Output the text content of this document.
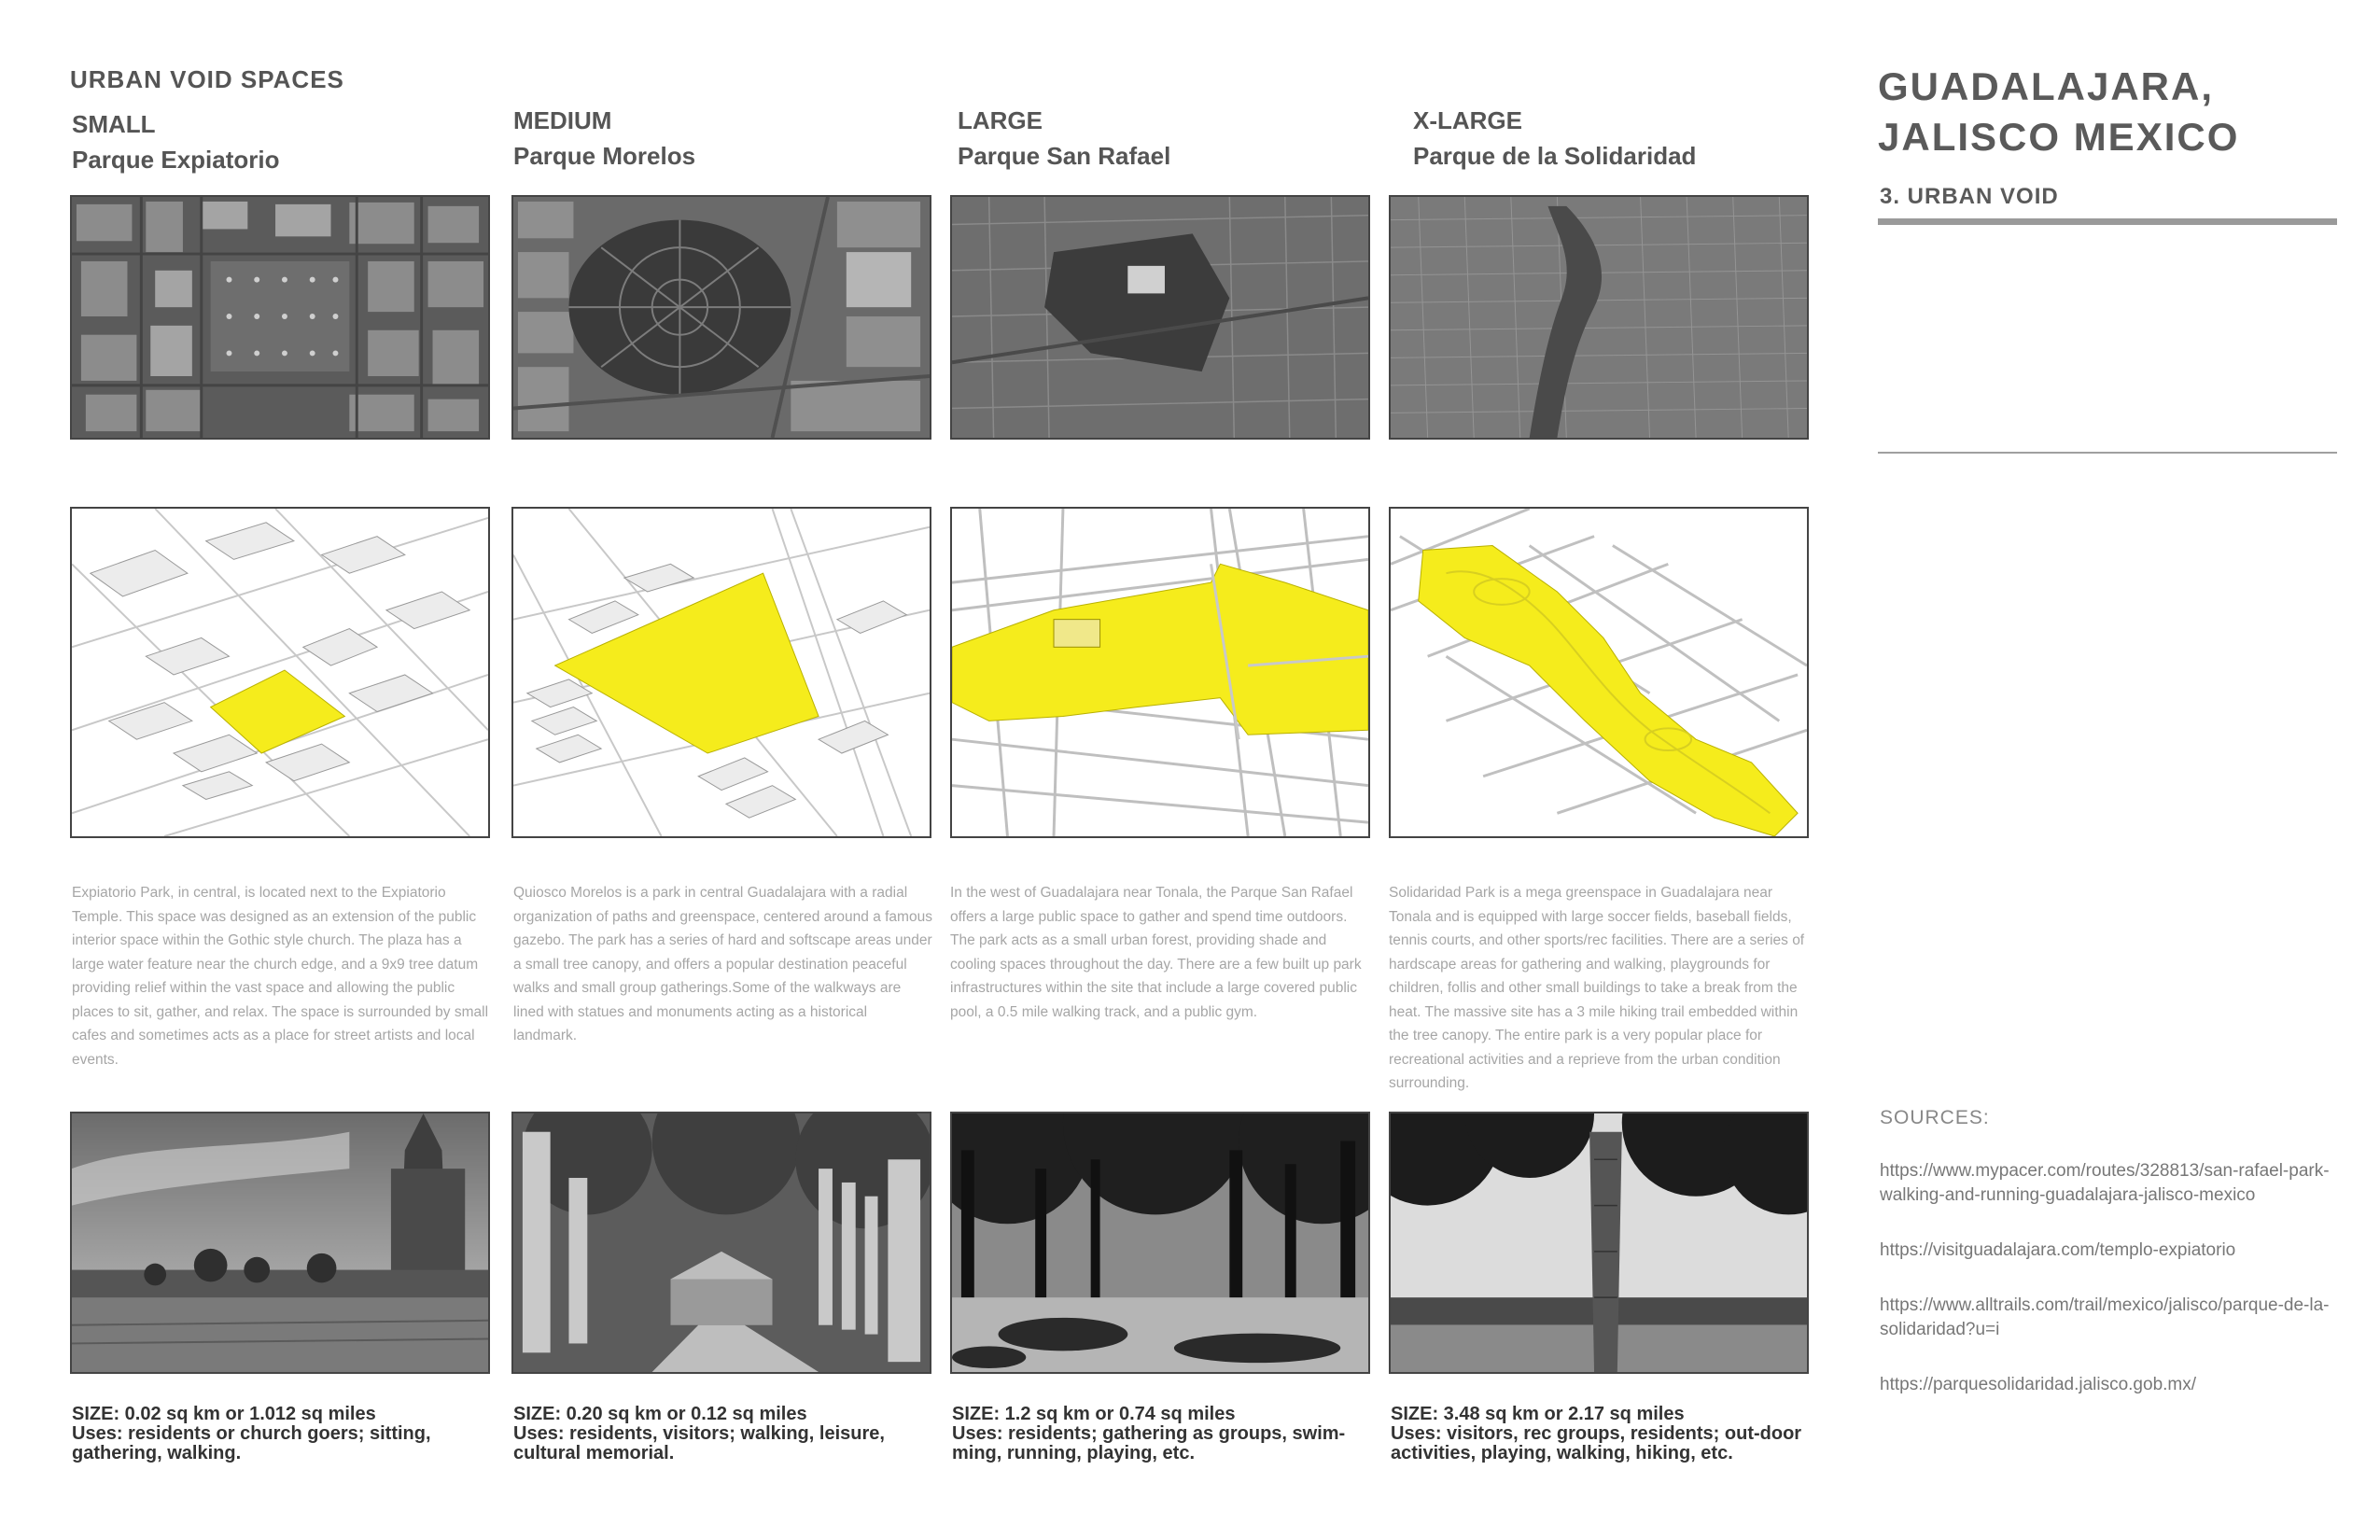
URBAN VOID SPACES
SMALL
Parque Expiatorio
Expiatorio Park, in central, is located next to the Expiatorio Temple. This space was designed as an extension of the public interior space within the Gothic style church. The plaza has a large water feature near the church edge, and a 9x9 tree datum providing relief within the vast space and allowing the public places to sit, gather, and relax. The space is surrounded by small cafes and sometimes acts as a place for street artists and local events.
SIZE: 0.02 sq km or 1.012 sq miles
Uses: residents or church goers; sitting, gathering, walking.
MEDIUM
Parque Morelos
Quiosco Morelos is a park in central Guadalajara with a radial organization of paths and greenspace, centered around a famous gazebo. The park has a series of hard and softscape areas under a small tree canopy, and offers a popular destination peaceful walks and small group gatherings.Some of the walkways are lined with statues and monuments acting as a historical landmark.
SIZE: 0.20 sq km or 0.12 sq miles
Uses: residents, visitors; walking, leisure, cultural memorial.
LARGE
Parque San Rafael
In the west of Guadalajara near Tonala, the Parque San Rafael offers a large public space to gather and spend time outdoors. The park acts as a small urban forest, providing shade and cooling spaces throughout the day. There are a few built up park infrastructures within the site that include a large covered public pool, a 0.5 mile walking track, and a public gym.
SIZE: 1.2 sq km or 0.74 sq miles
Uses: residents; gathering as groups, swim-ming, running, playing, etc.
X-LARGE
Parque de la Solidaridad
Solidaridad Park is a mega greenspace in Guadalajara near Tonala and is equipped with large soccer fields, baseball fields, tennis courts, and other sports/rec facilities. There are a series of hardscape areas for gathering and walking, playgrounds for children, follis and other small buildings to take a break from the heat. The massive site has a 3 mile hiking trail embedded within the tree canopy. The entire park is a very popular place for recreational activities and a reprieve from the urban condition surrounding.
SIZE: 3.48 sq km or 2.17 sq miles
Uses: visitors, rec groups, residents; out-door activities, playing, walking, hiking, etc.
GUADALAJARA,
JALISCO MEXICO
3. URBAN VOID
SOURCES:
https://www.mypacer.com/routes/328813/san-rafael-park-walking-and-running-guadalajara-jalisco-mexico
https://visitguadalajara.com/templo-expiatorio
https://www.alltrails.com/trail/mexico/jalisco/parque-de-la-solidaridad?u=i
https://parquesolidaridad.jalisco.gob.mx/
